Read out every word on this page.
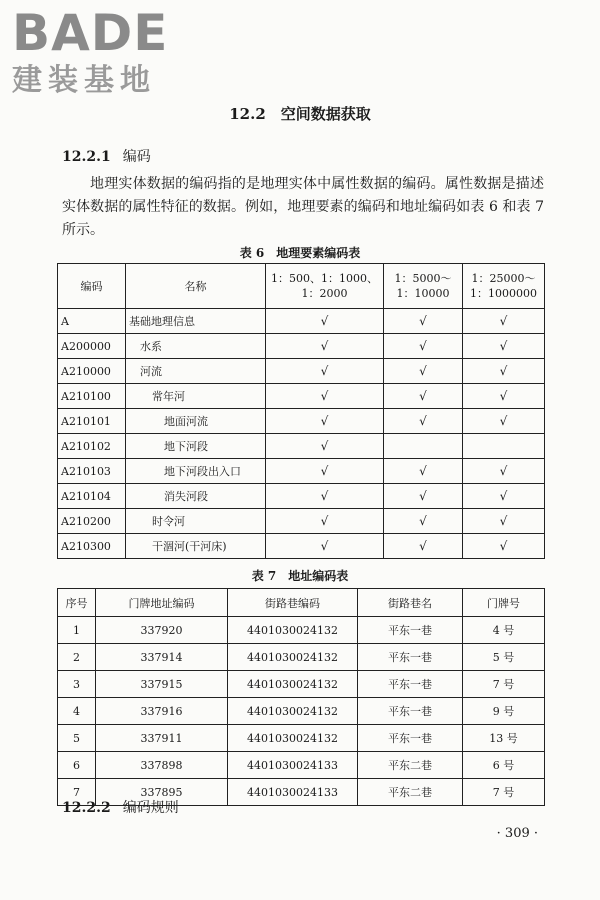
BADE
建装基地
12.2　空间数据获取
12.2.1 编码
地理实体数据的编码指的是地理实体中属性数据的编码。属性数据是描述实体数据的属性特征的数据。例如，地理要素的编码和地址编码如表 6 和表 7 所示。
表 6　地理要素编码表
编码	名称	1：500、1：1000、1：2000	1：5000～1：10000	1：25000～1：1000000
A	基础地理信息	√	√	√
A200000	水系	√	√	√
A210000	河流	√	√	√
A210100	常年河	√	√	√
A210101	地面河流	√	√	√
A210102	地下河段	√		
A210103	地下河段出入口	√	√	√
A210104	消失河段	√	√	√
A210200	时令河	√	√	√
A210300	干涸河(干河床)	√	√	√
表 7　地址编码表
序号	门牌地址编码	街路巷编码	街路巷名	门牌号
1	337920	4401030024132	平东一巷	4 号
2	337914	4401030024132	平东一巷	5 号
3	337915	4401030024132	平东一巷	7 号
4	337916	4401030024132	平东一巷	9 号
5	337911	4401030024132	平东一巷	13 号
6	337898	4401030024133	平东二巷	6 号
7	337895	4401030024133	平东二巷	7 号
12.2.2 编码规则
· 309 ·
